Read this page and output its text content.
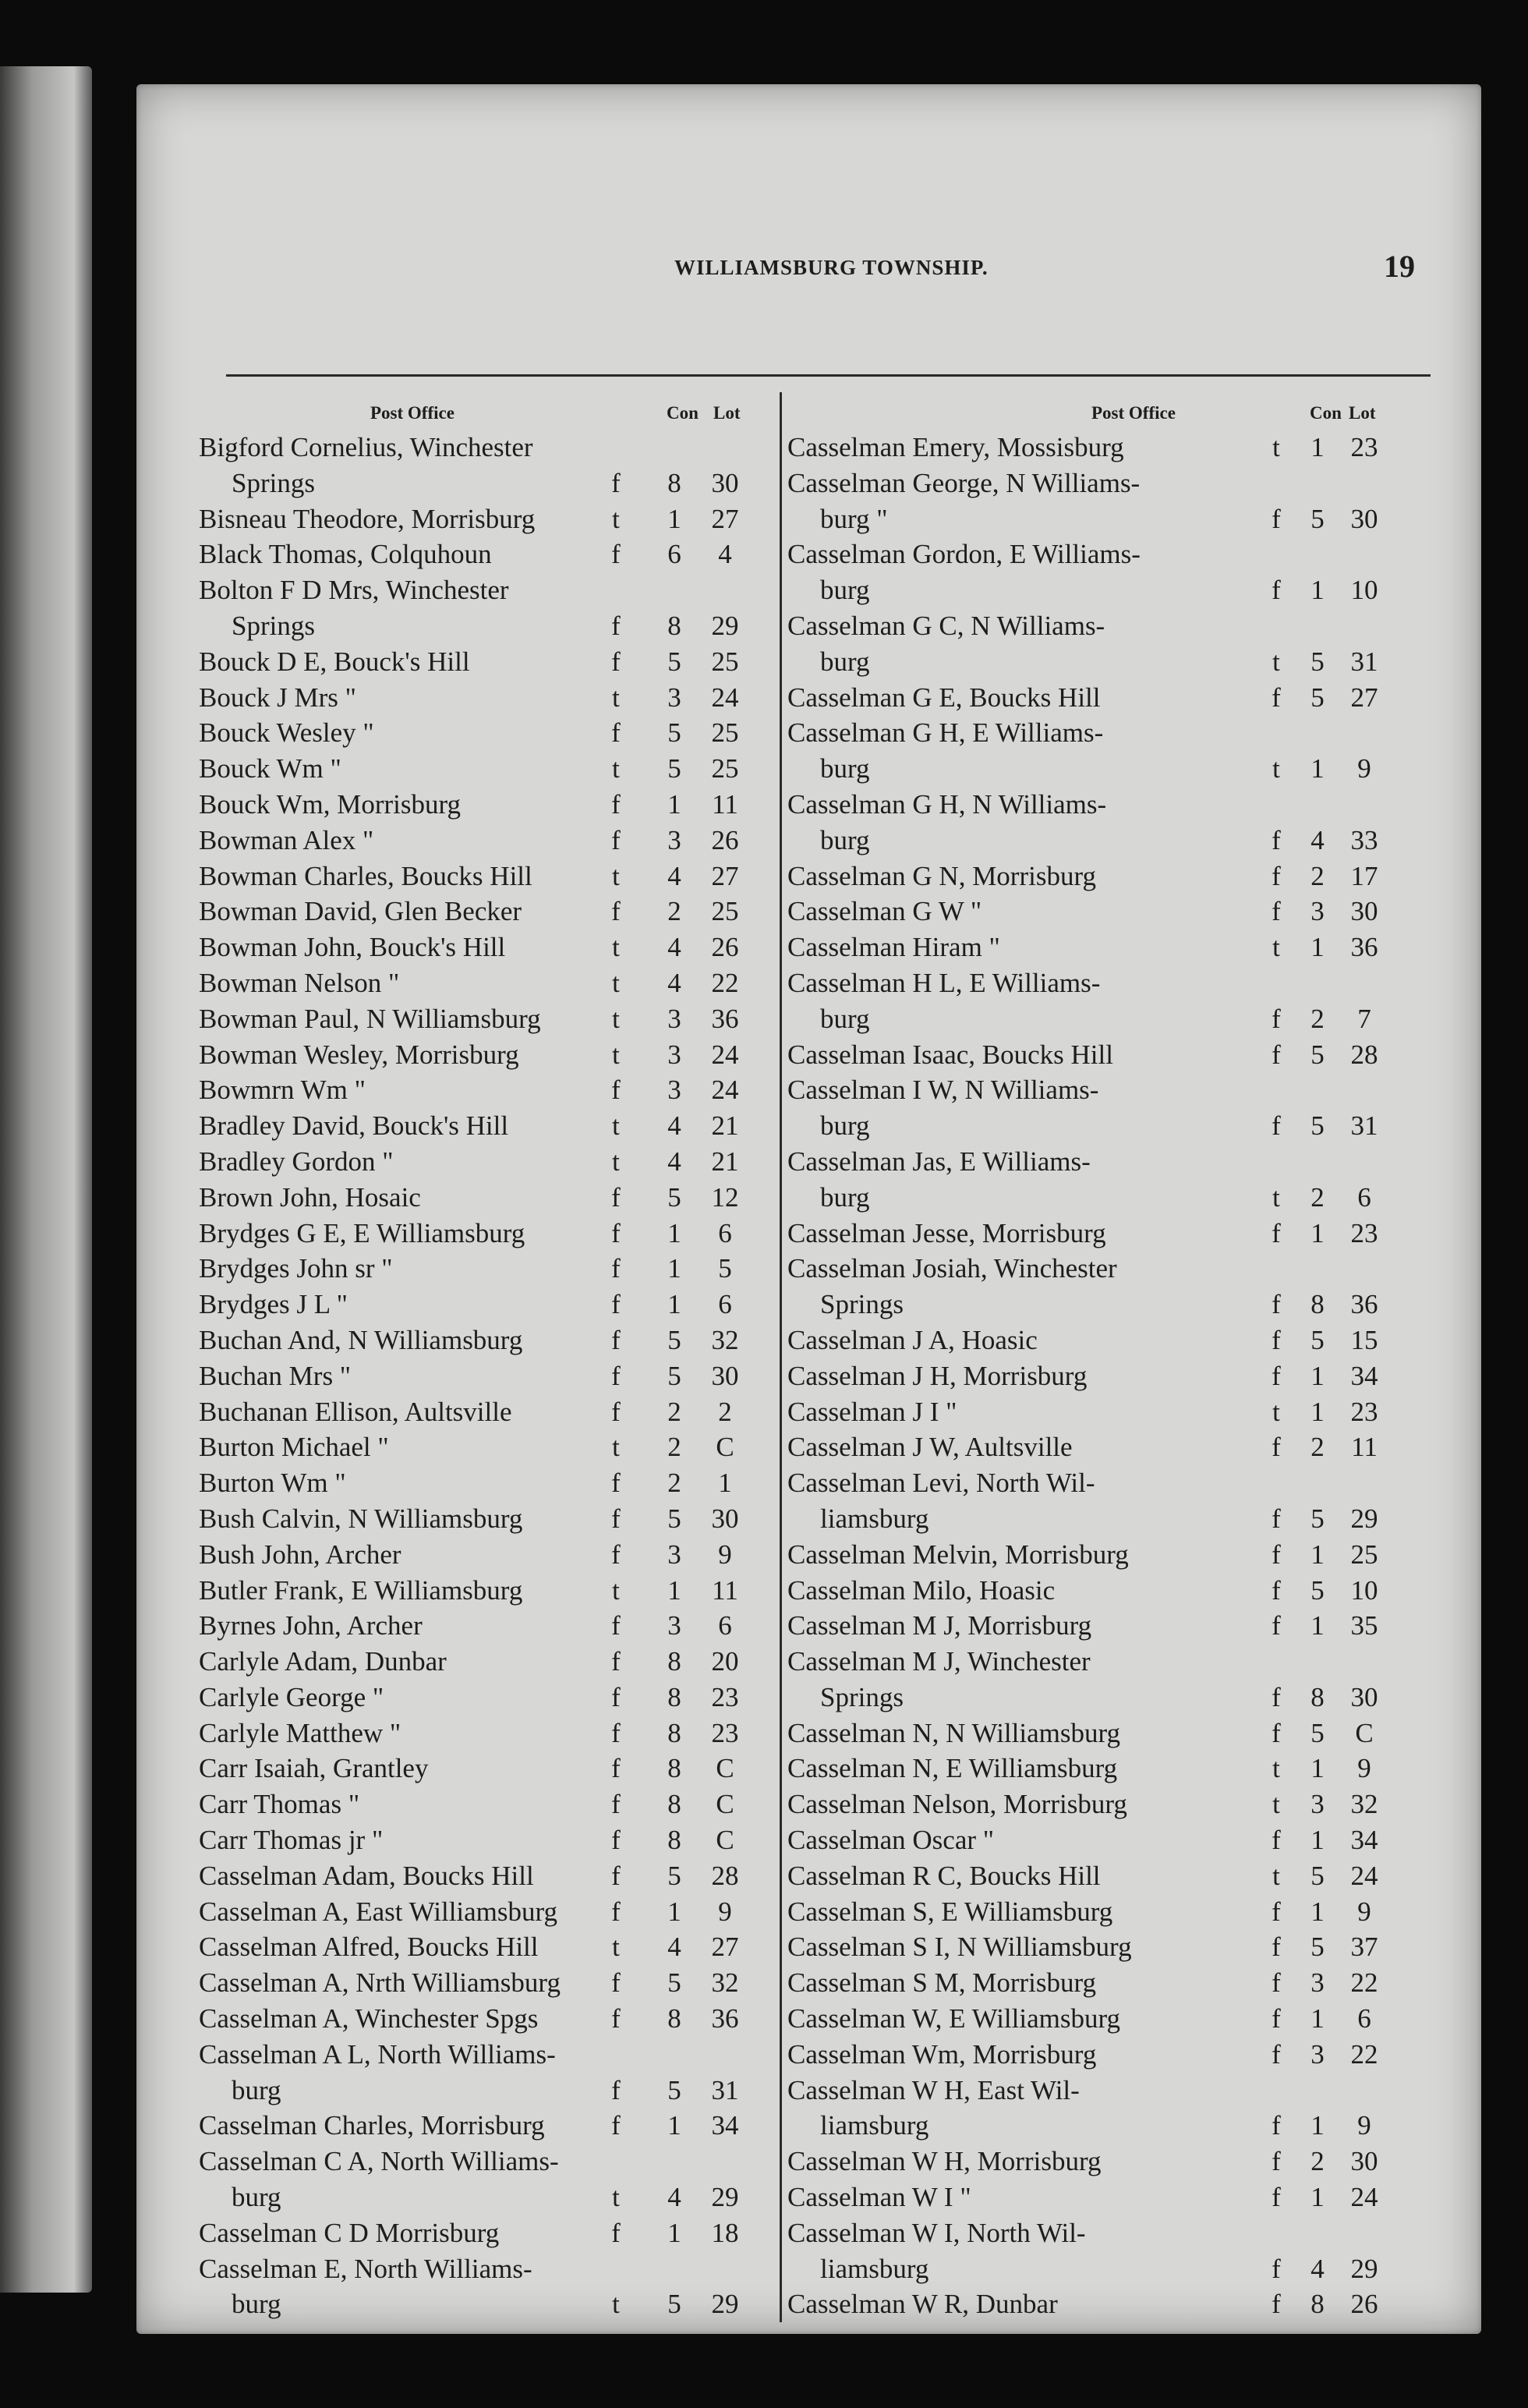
WILLIAMSBURG TOWNSHIP.	19
Post Office	Con Lot
Bigford Cornelius, Winchester
Springs	f	8	30
Bisneau Theodore, Morrisburg	t	1	27
Black Thomas, Colquhoun	f	6	4
Bolton F D Mrs, Winchester
Springs	f	8	29
Bouck D E, Bouck's Hill	f	5	25
Bouck J Mrs "	t	3	24
Bouck Wesley "	f	5	25
Bouck Wm "	t	5	25
Bouck Wm, Morrisburg	f	1	11
Bowman Alex "	f	3	26
Bowman Charles, Boucks Hill	t	4	27
Bowman David, Glen Becker	f	2	25
Bowman John, Bouck's Hill	t	4	26
Bowman Nelson "	t	4	22
Bowman Paul, N Williamsburg	t	3	36
Bowman Wesley, Morrisburg	t	3	24
Bowmrn Wm "	f	3	24
Bradley David, Bouck's Hill	t	4	21
Bradley Gordon "	t	4	21
Brown John, Hosaic	f	5	12
Brydges G E, E Williamsburg	f	1	6
Brydges John sr "	f	1	5
Brydges J L "	f	1	6
Buchan And, N Williamsburg	f	5	32
Buchan Mrs "	f	5	30
Buchanan Ellison, Aultsville	f	2	2
Burton Michael "	t	2	C
Burton Wm "	f	2	1
Bush Calvin, N Williamsburg	f	5	30
Bush John, Archer	f	3	9
Butler Frank, E Williamsburg	t	1	11
Byrnes John, Archer	f	3	6
Carlyle Adam, Dunbar	f	8	20
Carlyle George "	f	8	23
Carlyle Matthew "	f	8	23
Carr Isaiah, Grantley	f	8	C
Carr Thomas "	f	8	C
Carr Thomas jr "	f	8	C
Casselman Adam, Boucks Hill	f	5	28
Casselman A, East Williamsburg f	1	9
Casselman Alfred, Boucks Hill	t	4	27
Casselman A, Nrth Williamsburg f	5	32
Casselman A, Winchester Spgs	f	8	36
Casselman A L, North Williams-
burg	f	5	31
Casselman Charles, Morrisburg f	1	34
Casselman C A, North Williams-
burg	t	4	29
Casselman C D Morrisburg	f	1	18
Casselman E, North Williams-
burg	t	5	29
Post Office	Con Lot
Casselman Emery, Mossisburg	t	1 23
Casselman George, N Williams-
burg "	f	5 30
Casselman Gordon, E Williams-
burg	f	1 10
Casselman G C, N Williams-
burg	t	5 31
Casselman G E, Boucks Hill	f	5 27
Casselman G H, E Williams-
burg	t	1	9
Casselman G H, N Williams-
burg	f	4 33
Casselman G N, Morrisburg	f	2 17
Casselman G W "	f	3 30
Casselman Hiram "	t	1 36
Casselman H L, E Williams-
burg	f	2	7
Casselman Isaac, Boucks Hill	f	5 28
Casselman I W, N Williams-
burg	f	5 31
Casselman Jas, E Williams-
burg	t	2	6
Casselman Jesse, Morrisburg	f	1 23
Casselman Josiah, Winchester
Springs	f	8 36
Casselman J A, Hoasic	f	5 15
Casselman J H, Morrisburg	f	1 34
Casselman J I "	t	1 23
Casselman J W, Aultsville	f	2 11
Casselman Levi, North Wil-
liamsburg	f	5 29
Casselman Melvin, Morrisburg	f	1 25
Casselman Milo, Hoasic	f	5 10
Casselman M J, Morrisburg	f	1 35
Casselman M J, Winchester
Springs	f	8 30
Casselman N, N Williamsburg	f	5	C
Casselman N, E Williamsburg	t	1	9
Casselman Nelson, Morrisburg	t	3 32
Casselman Oscar "	f	1 34
Casselman R C, Boucks Hill	t	5 24
Casselman S, E Williamsburg	f	1	9
Casselman S I, N Williamsburg	f	5 37
Casselman S M, Morrisburg	f	3 22
Casselman W, E Williamsburg	f	1	6
Casselman Wm, Morrisburg	f	3 22
Casselman W H, East Wil-
liamsburg	f	1	9
Casselman W H, Morrisburg	f	2 30
Casselman W I "	f	1 24
Casselman W I, North Wil-
liamsburg	f	4 29
Casselman W R, Dunbar	f	8 26
